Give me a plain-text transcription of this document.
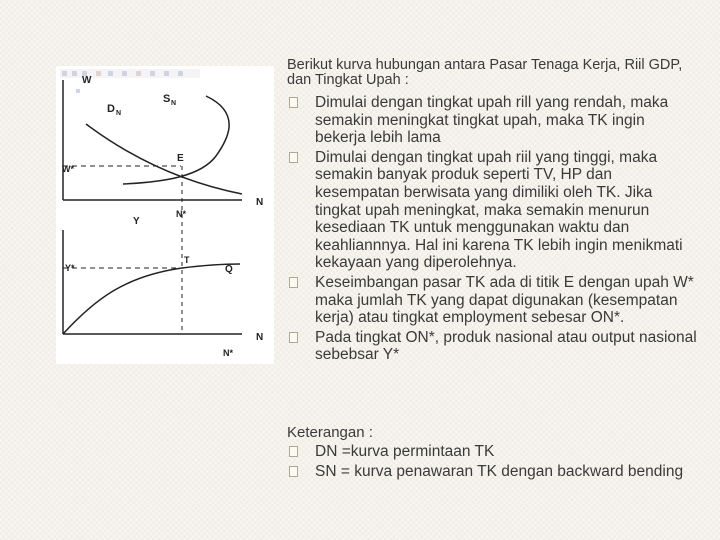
W
D N
S N
W*
E
N
Y
N*
Y*
T
Q
N
N*

Berikut kurva hubungan antara Pasar Tenaga Kerja, Riil GDP, dan Tingkat Upah :

Dimulai dengan tingkat upah rill yang rendah, maka semakin meningkat tingkat upah, maka TK ingin bekerja lebih lama
Dimulai dengan tingkat upah riil yang tinggi, maka semakin banyak produk seperti TV, HP dan kesempatan berwisata yang dimiliki oleh TK. Jika tingkat upah meningkat, maka semakin menurun kesediaan TK untuk menggunakan waktu dan keahliannnya. Hal ini karena TK lebih ingin menikmati kekayaan yang diperolehnya.
Keseimbangan pasar TK ada di titik E dengan upah W* maka jumlah TK yang dapat digunakan (kesempatan kerja) atau tingkat employment sebesar ON*.
Pada tingkat ON*, produk nasional atau output nasional sebebsar Y*
Keterangan :
DN =kurva permintaan TK
SN = kurva penawaran TK dengan backward bending
